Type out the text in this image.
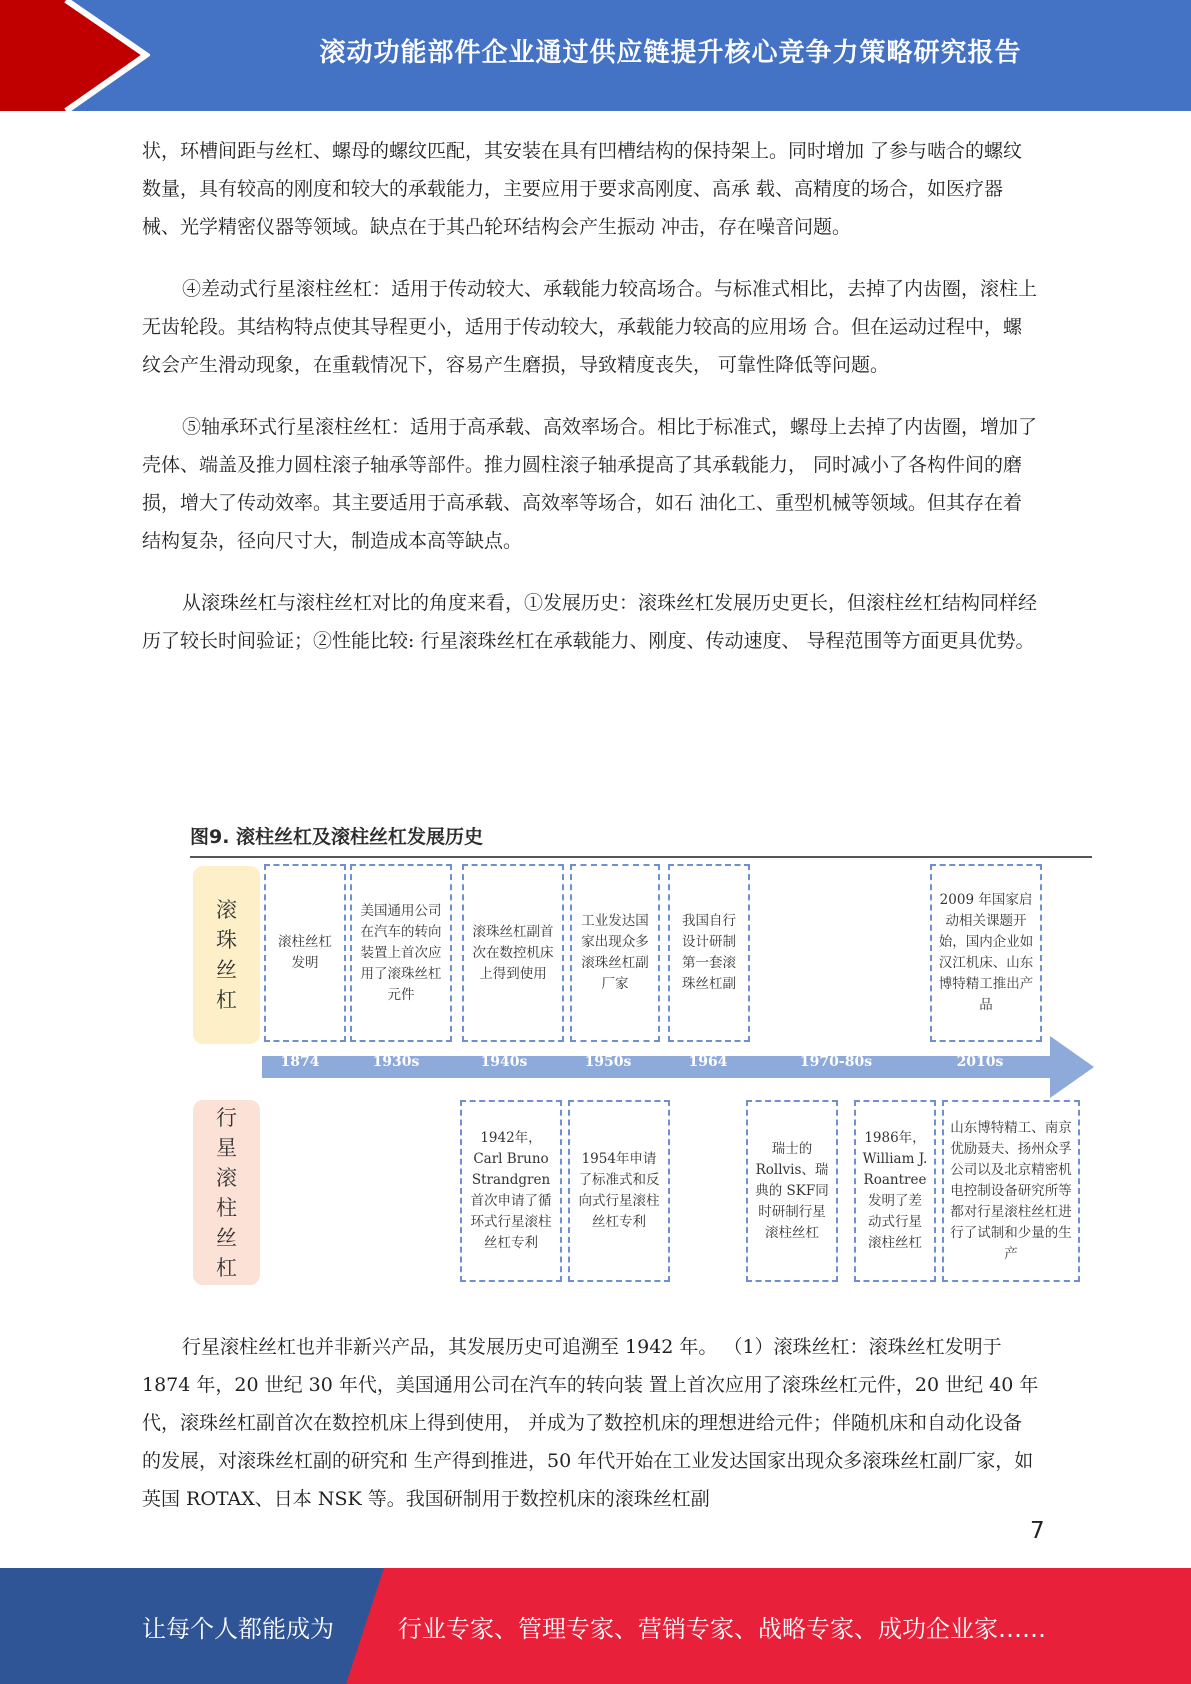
滚动功能部件企业通过供应链提升核心竞争力策略研究报告

状，环槽间距与丝杠、螺母的螺纹匹配，其安装在具有凹槽结构的保持架上。同时增加 了参与啮合的螺纹数量，具有较高的刚度和较大的承载能力，主要应用于要求高刚度、高承 载、高精度的场合，如医疗器械、光学精密仪器等领域。缺点在于其凸轮环结构会产生振动 冲击，存在噪音问题。

④差动式行星滚柱丝杠：适用于传动较大、承载能力较高场合。与标准式相比，去掉了内齿圈，滚柱上无齿轮段。其结构特点使其导程更小，适用于传动较大，承载能力较高的应用场 合。但在运动过程中，螺纹会产生滑动现象，在重载情况下，容易产生磨损，导致精度丧失， 可靠性降低等问题。

⑤轴承环式行星滚柱丝杠：适用于高承载、高效率场合。相比于标准式，螺母上去掉了内齿圈，增加了壳体、端盖及推力圆柱滚子轴承等部件。推力圆柱滚子轴承提高了其承载能力， 同时减小了各构件间的磨损，增大了传动效率。其主要适用于高承载、高效率等场合，如石 油化工、重型机械等领域。但其存在着结构复杂，径向尺寸大，制造成本高等缺点。

从滚珠丝杠与滚柱丝杠对比的角度来看，①发展历史：滚珠丝杠发展历史更长，但滚柱丝杠结构同样经历了较长时间验证；②性能比较: 行星滚珠丝杠在承载能力、刚度、传动速度、 导程范围等方面更具优势。

图9. 滚柱丝杠及滚柱丝杠发展历史
滚珠丝杠
行星滚柱丝杠
1874	1930s	1940s	1950s	1964	1970-80s	2010s
滚柱丝杠发明
美国通用公司在汽车的转向装置上首次应用了滚珠丝杠元件
滚珠丝杠副首次在数控机床上得到使用
工业发达国家出现众多滚珠丝杠副厂家
我国自行设计研制第一套滚珠丝杠副
2009 年国家启动相关课题开始，国内企业如汉江机床、山东博特精工推出产品
1942年，Carl Bruno Strandgren 首次申请了循环式行星滚柱丝杠专利
1954年申请了标准式和反向式行星滚柱丝杠专利
瑞士的 Rollvis、瑞典的 SKF同时研制行星滚柱丝杠
1986年，William J. Roantree 发明了差动式行星滚柱丝杠
山东博特精工、南京优励聂夫、扬州众孚公司以及北京精密机电控制设备研究所等都对行星滚柱丝杠进行了试制和少量的生产

行星滚柱丝杠也并非新兴产品，其发展历史可追溯至 1942 年。 （1）滚珠丝杠：滚珠丝杠发明于 1874 年，20 世纪 30 年代，美国通用公司在汽车的转向装 置上首次应用了滚珠丝杠元件，20 世纪 40 年代，滚珠丝杠副首次在数控机床上得到使用， 并成为了数控机床的理想进给元件；伴随机床和自动化设备的发展，对滚珠丝杠副的研究和 生产得到推进，50 年代开始在工业发达国家出现众多滚珠丝杠副厂家，如英国 ROTAX、日本 NSK 等。我国研制用于数控机床的滚珠丝杠副

7
让每个人都能成为	行业专家、管理专家、营销专家、战略专家、成功企业家……
